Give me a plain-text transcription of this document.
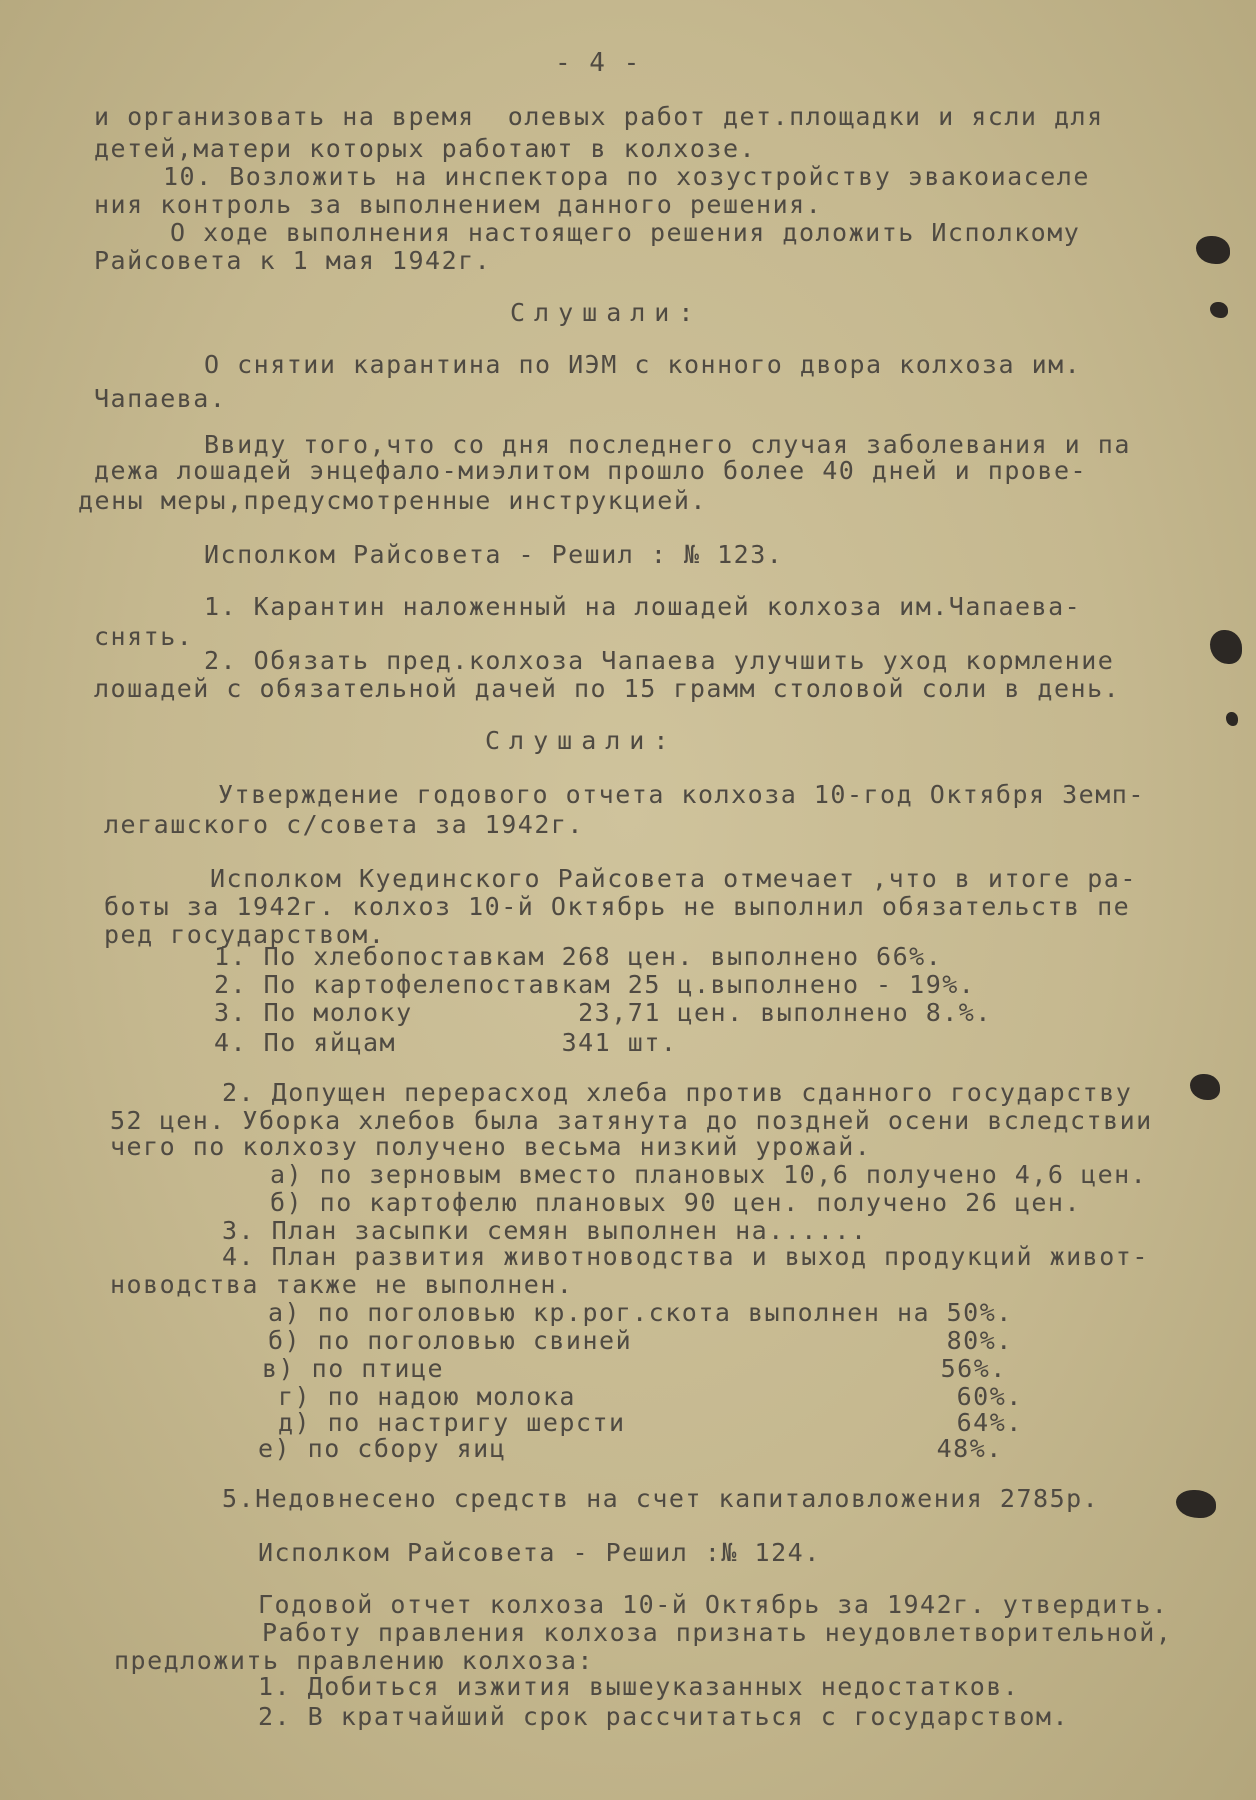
- 4 -
и организовать на время  олевых работ дет.площадки и ясли для
детей,матери которых работают в колхозе.
10. Возложить на инспектора по хозустройству эвакоиаселе
ния контроль за выполнением данного решения.
О ходе выполнения настоящего решения доложить Исполкому
Райсовета к 1 мая 1942г.
Слушали:
О снятии карантина по ИЭМ с конного двора колхоза им.
Чапаева.
Ввиду того,что со дня последнего случая заболевания и па
дежа лошадей энцефало-миэлитом прошло более 40 дней и прове-
дены меры,предусмотренные инструкцией.
Исполком Райсовета - Решил : № 123.
1. Карантин наложенный на лошадей колхоза им.Чапаева-
снять.
2. Обязать пред.колхоза Чапаева улучшить уход кормление
лошадей с обязательной дачей по 15 грамм столовой соли в день.
Слушали:
Утверждение годового отчета колхоза 10-год Октября Земп-
легашского с/совета за 1942г.
Исполком Куединского Райсовета отмечает ,что в итоге ра-
боты за 1942г. колхоз 10-й Октябрь не выполнил обязательств пе
ред государством.
1. По хлебопоставкам 268 цен. выполнено 66%.
2. По картофелепоставкам 25 ц.выполнено - 19%.
3. По молоку          23,71 цен. выполнено 8.%.
4. По яйцам          341 шт.
2. Допущен перерасход хлеба против сданного государству
52 цен. Уборка хлебов была затянута до поздней осени вследствии
чего по колхозу получено весьма низкий урожай.
а) по зерновым вместо плановых 10,6 получено 4,6 цен.
б) по картофелю плановых 90 цен. получено 26 цен.
3. План засыпки семян выполнен на......
4. План развития животноводства и выход продукций живот-
новодства также не выполнен.
а) по поголовью кр.рог.скота выполнен на 50%.
б) по поголовью свиней                   80%.
в) по птице                              56%.
г) по надою молока                       60%.
д) по настригу шерсти                    64%.
е) по сбору яиц                          48%.
5.Недовнесено средств на счет капиталовложения 2785р.
Исполком Райсовета - Решил :№ 124.
Годовой отчет колхоза 10-й Октябрь за 1942г. утвердить.
Работу правления колхоза признать неудовлетворительной,
предложить правлению колхоза:
1. Добиться изжития вышеуказанных недостатков.
2. В кратчайший срок рассчитаться с государством.
